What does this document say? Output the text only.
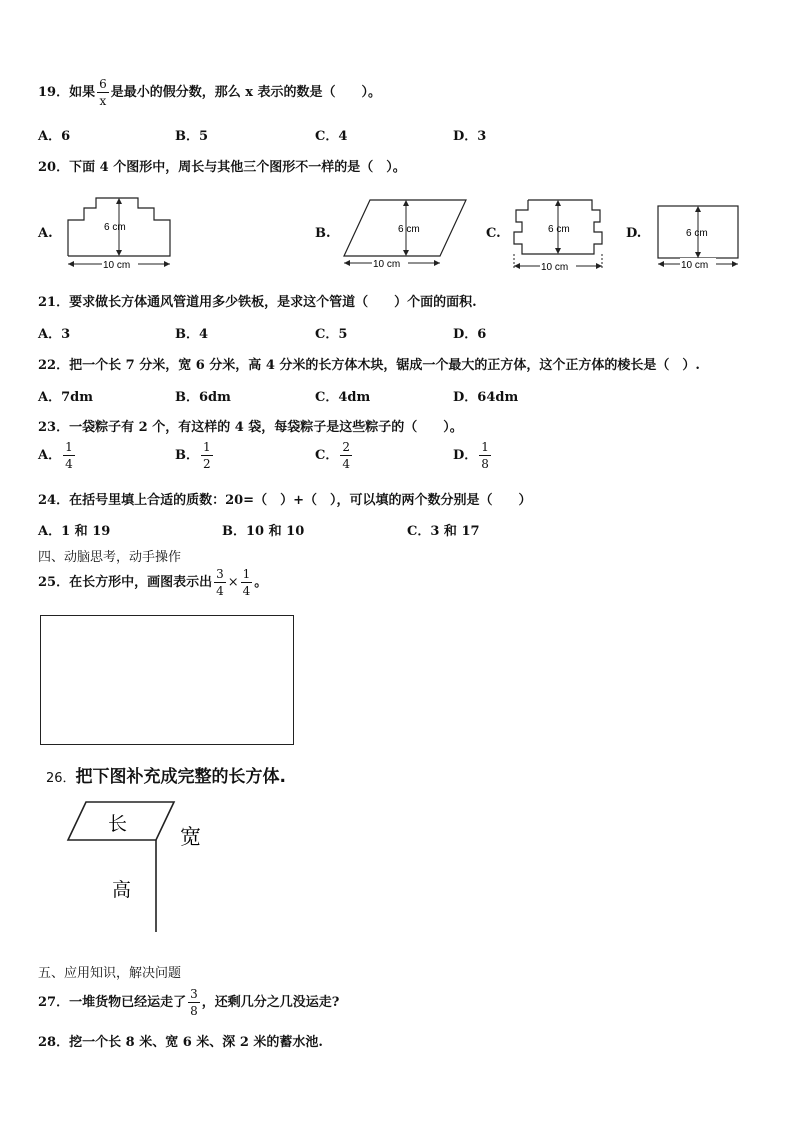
19．如果 $\frac{6}{x}$ 是最小的假分数，那么 x 表示的数是（　　）。
A．6	B．5	C．4	D．3
20．下面 4 个图形中，周长与其他三个图形不一样的是（　）。
A.	B.	C.	D.
6 cm
10 cm
6 cm
10 cm
6 cm
10 cm
6 cm
10 cm
21．要求做长方体通风管道用多少铁板，是求这个管道（　　）个面的面积.
A．3	B．4	C．5	D．6
22．把一个长 7 分米，宽 6 分米，高 4 分米的长方体木块，锯成一个最大的正方体，这个正方体的棱长是（　）.
A．7dm	B．6dm	C．4dm	D．64dm
23．一袋粽子有 2 个，有这样的 4 袋，每袋粽子是这些粽子的（　　）。
A． $\frac{1}{4}$	B． $\frac{1}{2}$	C． $\frac{2}{4}$	D． $\frac{1}{8}$
24．在括号里填上合适的质数：20=（　）+（　），可以填的两个数分别是（　　）
A．1 和 19	B．10 和 10	C．3 和 17
四、动脑思考，动手操作
25．在长方形中，画图表示出 $\frac{3}{4} \times \frac{1}{4}$ 。
26．把下图补充成完整的长方体.
长
宽
高
五、应用知识，解决问题
27．一堆货物已经运走了 $\frac{3}{8}$ ，还剩几分之几没运走?
28．挖一个长 8 米、宽 6 米、深 2 米的蓄水池.
